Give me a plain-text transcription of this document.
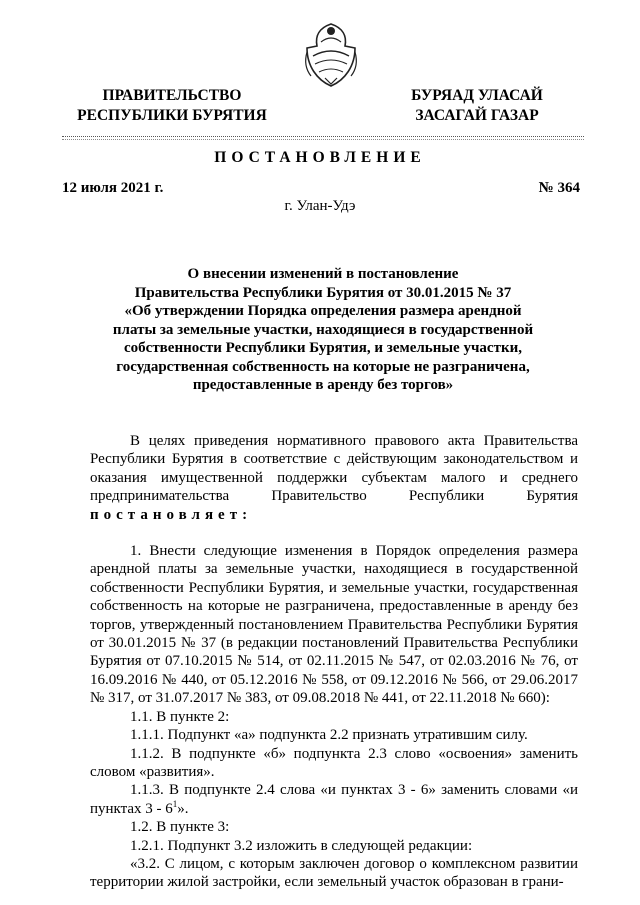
ПРАВИТЕЛЬСТВО
РЕСПУБЛИКИ БУРЯТИЯ
БУРЯАД УЛАСАЙ
ЗАСАГАЙ ГАЗАР
ПОСТАНОВЛЕНИЕ
12 июля 2021 г.	№ 364
г. Улан-Удэ
О внесении изменений в постановление
Правительства Республики Бурятия от 30.01.2015 № 37
«Об утверждении Порядка определения размера арендной
платы за земельные участки, находящиеся в государственной
собственности Республики Бурятия, и земельные участки,
государственная собственность на которые не разграничена,
предоставленные в аренду без торгов»

В целях приведения нормативного правового акта Правительства Республики Бурятия в соответствие с действующим законодательством и оказания имущественной поддержки субъектам малого и среднего предпринимательства Правительство Республики Бурятия постановляет:

1. Внести следующие изменения в Порядок определения размера арендной платы за земельные участки, находящиеся в государственной собственности Республики Бурятия, и земельные участки, государственная собственность на которые не разграничена, предоставленные в аренду без торгов, утвержденный постановлением Правительства Республики Бурятия от 30.01.2015 № 37 (в редакции постановлений Правительства Республики Бурятия от 07.10.2015 № 514, от 02.11.2015 № 547, от 02.03.2016 № 76, от 16.09.2016 № 440, от 05.12.2016 № 558, от 09.12.2016 № 566, от 29.06.2017 № 317, от 31.07.2017 № 383, от 09.08.2018 № 441, от 22.11.2018 № 660):

1.1. В пункте 2:

1.1.1. Подпункт «а» подпункта 2.2 признать утратившим силу.

1.1.2. В подпункте «б» подпункта 2.3 слово «освоения» заменить словом «развития».

1.1.3. В подпункте 2.4 слова «и пунктах 3 - 6» заменить словами «и пунктах $3 - 6^1$».

1.2. В пункте 3:

1.2.1. Подпункт 3.2 изложить в следующей редакции:

«3.2. С лицом, с которым заключен договор о комплексном развитии территории жилой застройки, если земельный участок образован в грани-
